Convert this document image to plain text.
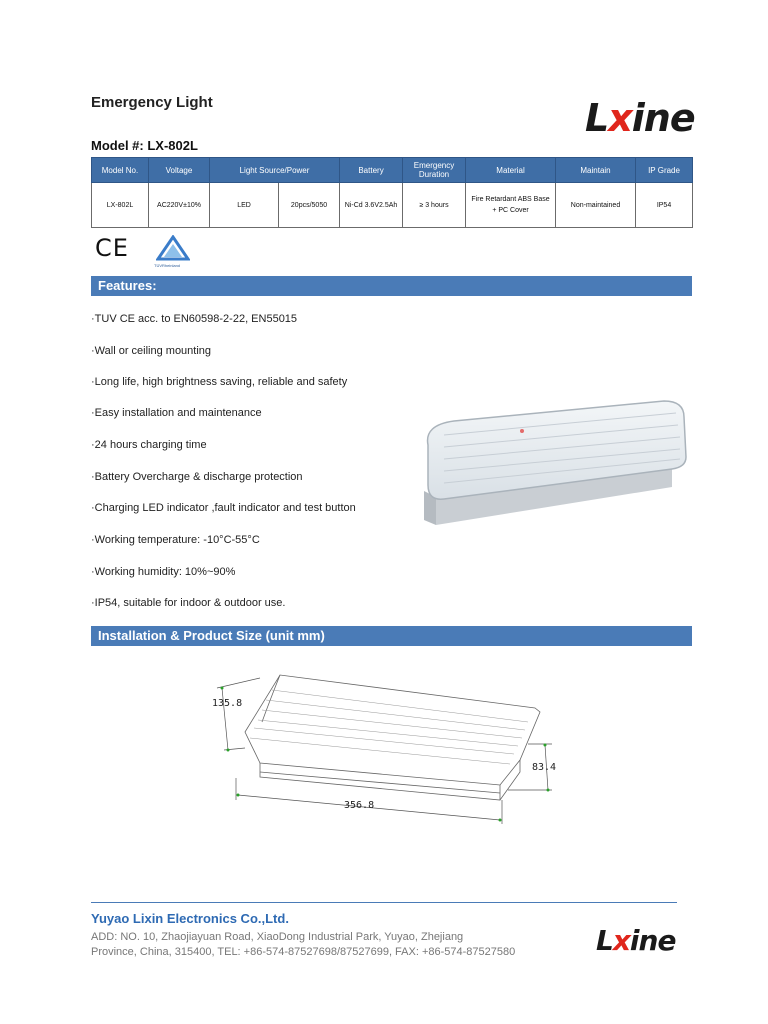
Emergency Light
Model #: LX-802L
Lxine
Model No.	Voltage	Light Source/Power		Battery	Emergency Duration	Material	Maintain	IP Grade
LX-802L	AC220V±10%	LED	20pcs/5050	Ni-Cd 3.6V2.5Ah	≥ 3 hours	Fire Retardant ABS Base + PC Cover	Non-maintained	IP54
CE
TÜVRheinland
Features:
·TUV CE acc. to EN60598-2-22, EN55015
·Wall or ceiling mounting
·Long life, high brightness saving, reliable and safety
·Easy installation and maintenance
·24 hours charging time
·Battery Overcharge & discharge protection
·Charging LED indicator ,fault indicator and test button
·Working temperature: -10°C-55°C
·Working humidity: 10%~90%
·IP54, suitable for indoor & outdoor use.
Installation & Product Size (unit mm)
135.8
83.4
356.8
Yuyao Lixin Electronics Co.,Ltd.
ADD: NO. 10, Zhaojiayuan Road, XiaoDong Industrial Park, Yuyao, Zhejiang
Province, China, 315400, TEL: +86-574-87527698/87527699, FAX: +86-574-87527580	Lxine
